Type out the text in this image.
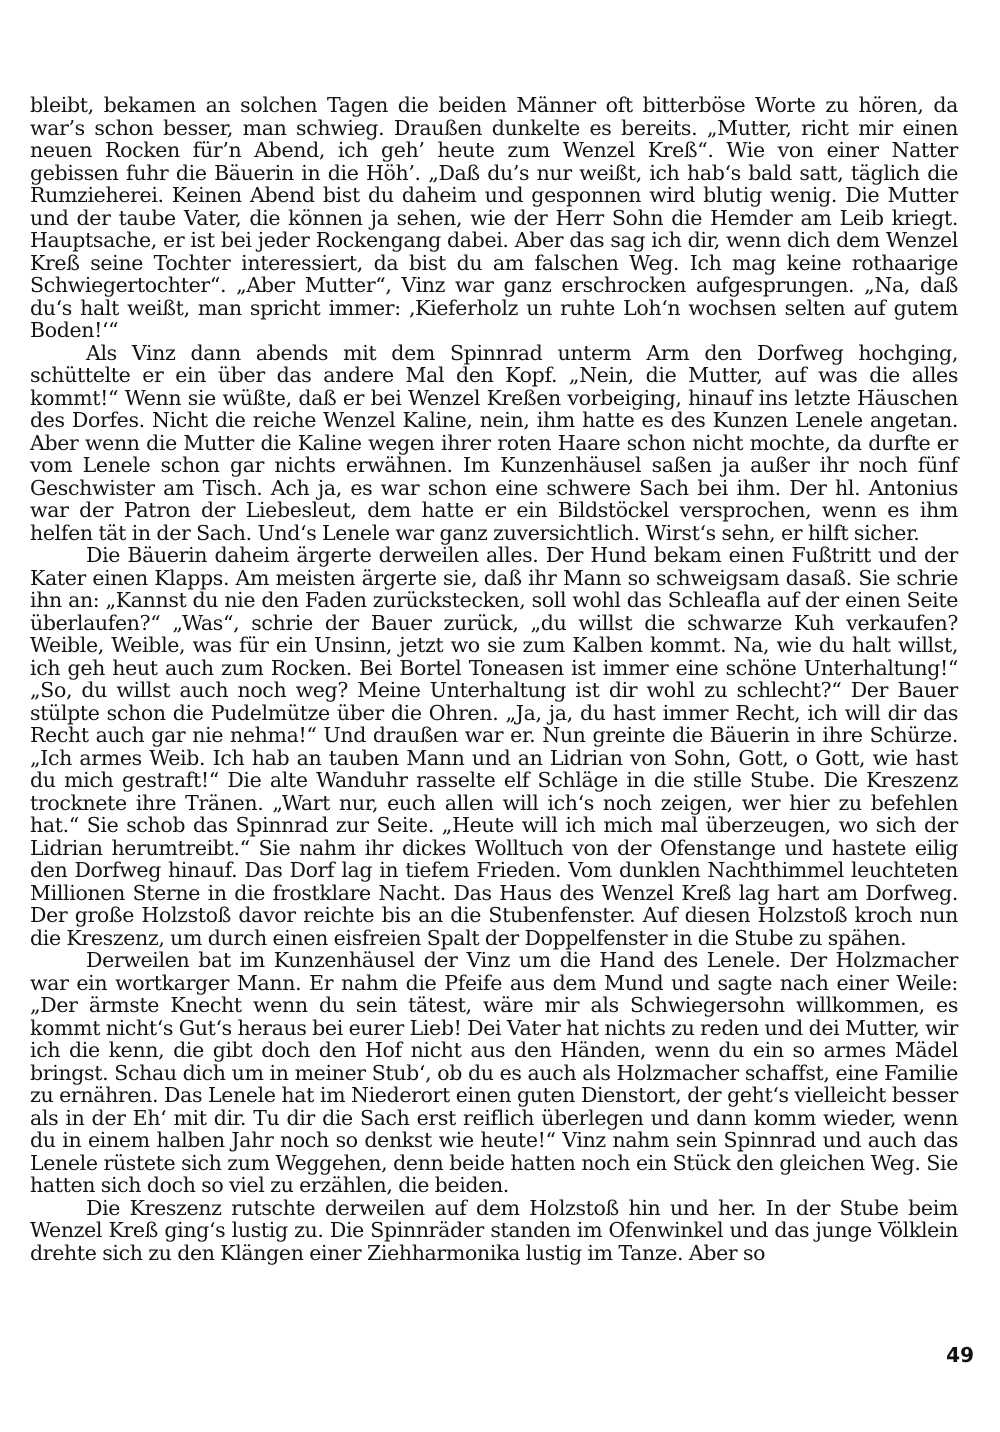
bleibt, bekamen an solchen Tagen die beiden Männer oft bitterböse Worte zu hören, da war’s schon besser, man schwieg. Draußen dunkelte es bereits. „Mutter, richt mir einen neuen Rocken für’n Abend, ich geh’ heute zum Wenzel Kreß“. Wie von einer Natter gebissen fuhr die Bäuerin in die Höh’. „Daß du’s nur weißt, ich hab‘s bald satt, täglich die Rumzieherei. Keinen Abend bist du daheim und gesponnen wird blutig wenig. Die Mutter und der taube Vater, die können ja sehen, wie der Herr Sohn die Hemder am Leib kriegt. Hauptsache, er ist bei jeder Rockengang dabei. Aber das sag ich dir, wenn dich dem Wenzel Kreß seine Tochter interessiert, da bist du am falschen Weg. Ich mag keine rothaarige Schwiegertochter“. „Aber Mutter“, Vinz war ganz erschrocken aufgesprungen. „Na, daß du‘s halt weißt, man spricht immer: ‚Kieferholz un ruhte Loh‘n wochsen selten auf gutem Boden!‘“

Als Vinz dann abends mit dem Spinnrad unterm Arm den Dorfweg hochging, schüttelte er ein über das andere Mal den Kopf. „Nein, die Mutter, auf was die alles kommt!“ Wenn sie wüßte, daß er bei Wenzel Kreßen vorbeiging, hinauf ins letzte Häuschen des Dorfes. Nicht die reiche Wenzel Kaline, nein, ihm hatte es des Kunzen Lenele angetan. Aber wenn die Mutter die Kaline wegen ihrer roten Haare schon nicht mochte, da durfte er vom Lenele schon gar nichts erwähnen. Im Kunzenhäusel saßen ja außer ihr noch fünf Geschwister am Tisch. Ach ja, es war schon eine schwere Sach bei ihm. Der hl. Antonius war der Patron der Liebesleut, dem hatte er ein Bildstöckel versprochen, wenn es ihm helfen tät in der Sach. Und‘s Lenele war ganz zuversichtlich. Wirst‘s sehn, er hilft sicher.

Die Bäuerin daheim ärgerte derweilen alles. Der Hund bekam einen Fußtritt und der Kater einen Klapps. Am meisten ärgerte sie, daß ihr Mann so schweigsam dasaß. Sie schrie ihn an: „Kannst du nie den Faden zurückstecken, soll wohl das Schleafla auf der einen Seite überlaufen?“ „Was“, schrie der Bauer zurück, „du willst die schwarze Kuh verkaufen? Weible, Weible, was für ein Unsinn, jetzt wo sie zum Kalben kommt. Na, wie du halt willst, ich geh heut auch zum Rocken. Bei Bortel Toneasen ist immer eine schöne Unterhaltung!“ „So, du willst auch noch weg? Meine Unterhaltung ist dir wohl zu schlecht?“ Der Bauer stülpte schon die Pudelmütze über die Ohren. „Ja, ja, du hast immer Recht, ich will dir das Recht auch gar nie nehma!“ Und draußen war er. Nun greinte die Bäuerin in ihre Schürze. „Ich armes Weib. Ich hab an tauben Mann und an Lidrian von Sohn, Gott, o Gott, wie hast du mich gestraft!“ Die alte Wanduhr rasselte elf Schläge in die stille Stube. Die Kreszenz trocknete ihre Tränen. „Wart nur, euch allen will ich‘s noch zeigen, wer hier zu befehlen hat.“ Sie schob das Spinnrad zur Seite. „Heute will ich mich mal überzeugen, wo sich der Lidrian herumtreibt.“ Sie nahm ihr dickes Wolltuch von der Ofenstange und hastete eilig den Dorfweg hinauf. Das Dorf lag in tiefem Frieden. Vom dunklen Nachthimmel leuchteten Millionen Sterne in die frostklare Nacht. Das Haus des Wenzel Kreß lag hart am Dorfweg. Der große Holzstoß davor reichte bis an die Stubenfenster. Auf diesen Holzstoß kroch nun die Kreszenz, um durch einen eisfreien Spalt der Doppelfenster in die Stube zu spähen.

Derweilen bat im Kunzenhäusel der Vinz um die Hand des Lenele. Der Holzmacher war ein wortkarger Mann. Er nahm die Pfeife aus dem Mund und sagte nach einer Weile: „Der ärmste Knecht wenn du sein tätest, wäre mir als Schwiegersohn willkommen, es kommt nicht‘s Gut‘s heraus bei eurer Lieb! Dei Vater hat nichts zu reden und dei Mutter, wir ich die kenn, die gibt doch den Hof nicht aus den Händen, wenn du ein so armes Mädel bringst. Schau dich um in meiner Stub‘, ob du es auch als Holzmacher schaffst, eine Familie zu ernähren. Das Lenele hat im Niederort einen guten Dienstort, der geht‘s vielleicht besser als in der Eh‘ mit dir. Tu dir die Sach erst reiflich überlegen und dann komm wieder, wenn du in einem halben Jahr noch so denkst wie heute!“ Vinz nahm sein Spinnrad und auch das Lenele rüstete sich zum Weggehen, denn beide hatten noch ein Stück den gleichen Weg. Sie hatten sich doch so viel zu erzählen, die beiden.

Die Kreszenz rutschte derweilen auf dem Holzstoß hin und her. In der Stube beim Wenzel Kreß ging‘s lustig zu. Die Spinnräder standen im Ofenwinkel und das junge Völklein drehte sich zu den Klängen einer Ziehharmonika lustig im Tanze. Aber so

49
